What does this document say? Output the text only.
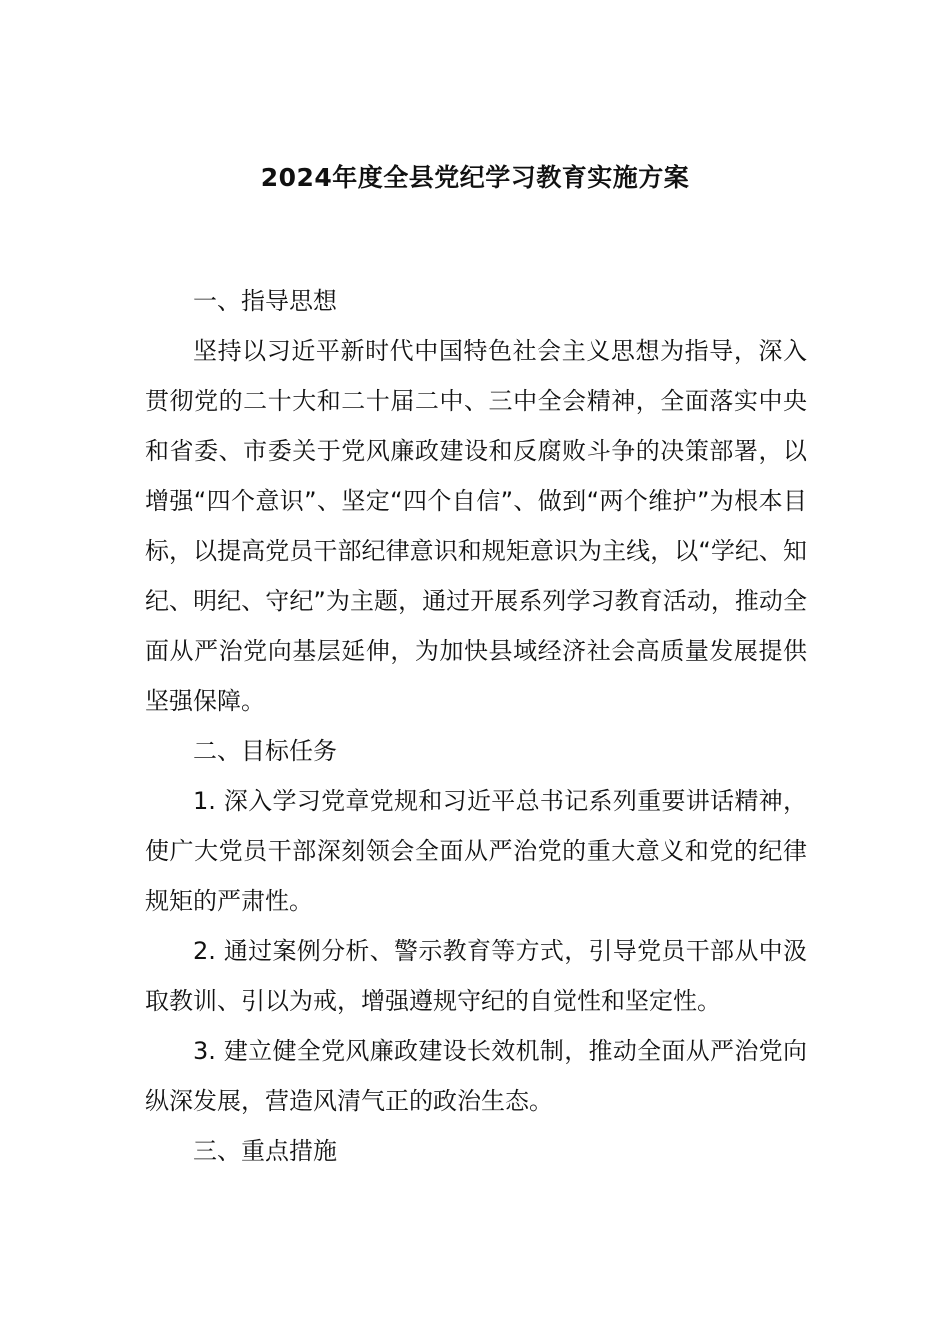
2024年度全县党纪学习教育实施方案

一、指导思想

坚持以习近平新时代中国特色社会主义思想为指导，深入贯彻党的二十大和二十届二中、三中全会精神，全面落实中央和省委、市委关于党风廉政建设和反腐败斗争的决策部署，以增强“四个意识”、坚定“四个自信”、做到“两个维护”为根本目标，以提高党员干部纪律意识和规矩意识为主线，以“学纪、知纪、明纪、守纪”为主题，通过开展系列学习教育活动，推动全面从严治党向基层延伸，为加快县域经济社会高质量发展提供坚强保障。

二、目标任务

1. 深入学习党章党规和习近平总书记系列重要讲话精神，使广大党员干部深刻领会全面从严治党的重大意义和党的纪律规矩的严肃性。

2. 通过案例分析、警示教育等方式，引导党员干部从中汲取教训、引以为戒，增强遵规守纪的自觉性和坚定性。

3. 建立健全党风廉政建设长效机制，推动全面从严治党向纵深发展，营造风清气正的政治生态。

三、重点措施
